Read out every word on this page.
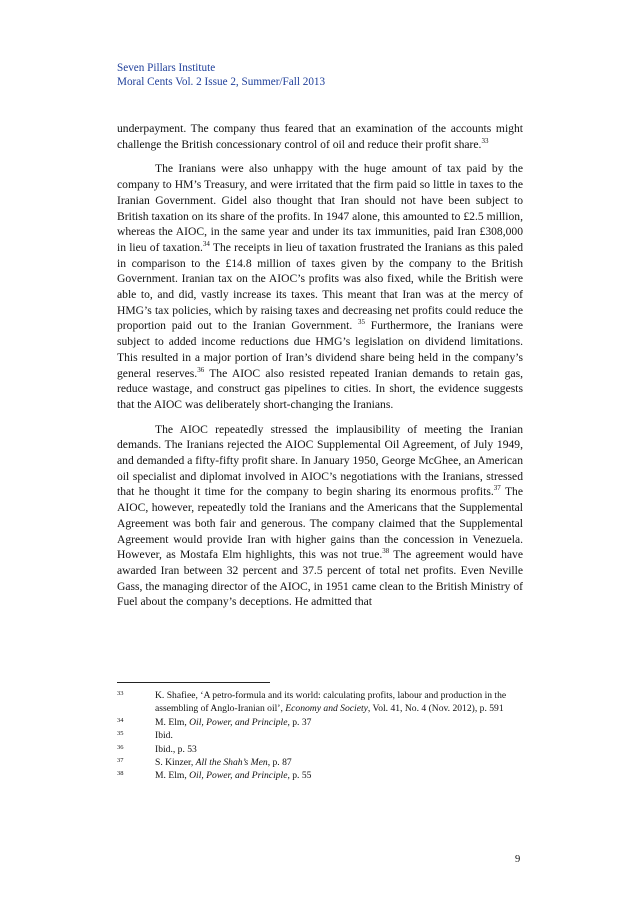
Seven Pillars Institute
Moral Cents Vol. 2 Issue 2, Summer/Fall 2013

underpayment. The company thus feared that an examination of the accounts might challenge the British concessionary control of oil and reduce their profit share.$^{33}$

The Iranians were also unhappy with the huge amount of tax paid by the company to HM’s Treasury, and were irritated that the firm paid so little in taxes to the Iranian Government. Gidel also thought that Iran should not have been subject to British taxation on its share of the profits. In 1947 alone, this amounted to £2.5 million, whereas the AIOC, in the same year and under its tax immunities, paid Iran £308,000 in lieu of taxation.$^{34}$ The receipts in lieu of taxation frustrated the Iranians as this paled in comparison to the £14.8 million of taxes given by the company to the British Government. Iranian tax on the AIOC’s profits was also fixed, while the British were able to, and did, vastly increase its taxes. This meant that Iran was at the mercy of HMG’s tax policies, which by raising taxes and decreasing net profits could reduce the proportion paid out to the Iranian Government. $^{35}$ Furthermore, the Iranians were subject to added income reductions due HMG’s legislation on dividend limitations. This resulted in a major portion of Iran’s dividend share being held in the company’s general reserves.$^{36}$ The AIOC also resisted repeated Iranian demands to retain gas, reduce wastage, and construct gas pipelines to cities. In short, the evidence suggests that the AIOC was deliberately short-changing the Iranians.

The AIOC repeatedly stressed the implausibility of meeting the Iranian demands. The Iranians rejected the AIOC Supplemental Oil Agreement, of July 1949, and demanded a fifty-fifty profit share. In January 1950, George McGhee, an American oil specialist and diplomat involved in AIOC’s negotiations with the Iranians, stressed that he thought it time for the company to begin sharing its enormous profits.$^{37}$ The AIOC, however, repeatedly told the Iranians and the Americans that the Supplemental Agreement was both fair and generous. The company claimed that the Supplemental Agreement would provide Iran with higher gains than the concession in Venezuela. However, as Mostafa Elm highlights, this was not true.$^{38}$ The agreement would have awarded Iran between 32 percent and 37.5 percent of total net profits. Even Neville Gass, the managing director of the AIOC, in 1951 came clean to the British Ministry of Fuel about the company’s deceptions. He admitted that

33	K. Shafiee, ‘A petro-formula and its world: calculating profits, labour and production in the assembling of Anglo-Iranian oil’, Economy and Society, Vol. 41, No. 4 (Nov. 2012), p. 591
34	M. Elm, Oil, Power, and Principle, p. 37
35	Ibid.
36	Ibid., p. 53
37	S. Kinzer, All the Shah’s Men, p. 87
38	M. Elm, Oil, Power, and Principle, p. 55
9
